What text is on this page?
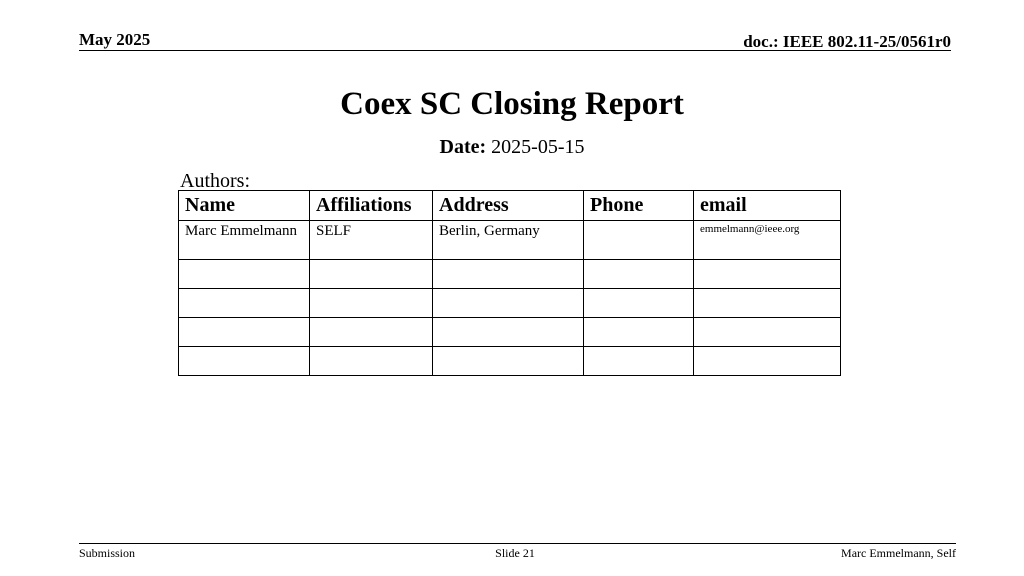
May 2025	doc.: IEEE 802.11-25/0561r0
Coex SC Closing Report
Date: 2025-05-15
Authors:
Name	Affiliations	Address	Phone	email
Marc Emmelmann	SELF	Berlin, Germany		emmelmann@ieee.org

Submission	Slide 21	Marc Emmelmann, Self
